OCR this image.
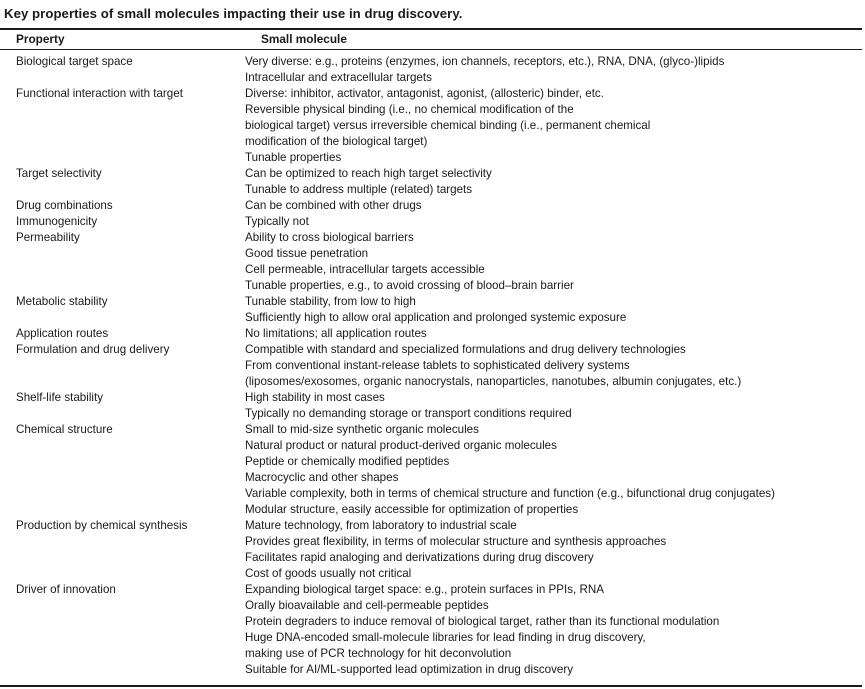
Key properties of small molecules impacting their use in drug discovery.
Property	Small molecule
Biological target space	Very diverse: e.g., proteins (enzymes, ion channels, receptors, etc.), RNA, DNA, (glyco-)lipids
Intracellular and extracellular targets
Functional interaction with target	Diverse: inhibitor, activator, antagonist, agonist, (allosteric) binder, etc.
Reversible physical binding (i.e., no chemical modification of the
biological target) versus irreversible chemical binding (i.e., permanent chemical
modification of the biological target)
Tunable properties
Target selectivity	Can be optimized to reach high target selectivity
Tunable to address multiple (related) targets
Drug combinations	Can be combined with other drugs
Immunogenicity	Typically not
Permeability	Ability to cross biological barriers
Good tissue penetration
Cell permeable, intracellular targets accessible
Tunable properties, e.g., to avoid crossing of blood–brain barrier
Metabolic stability	Tunable stability, from low to high
Sufficiently high to allow oral application and prolonged systemic exposure
Application routes	No limitations; all application routes
Formulation and drug delivery	Compatible with standard and specialized formulations and drug delivery technologies
From conventional instant-release tablets to sophisticated delivery systems
(liposomes/exosomes, organic nanocrystals, nanoparticles, nanotubes, albumin conjugates, etc.)
Shelf-life stability	High stability in most cases
Typically no demanding storage or transport conditions required
Chemical structure	Small to mid-size synthetic organic molecules
Natural product or natural product-derived organic molecules
Peptide or chemically modified peptides
Macrocyclic and other shapes
Variable complexity, both in terms of chemical structure and function (e.g., bifunctional drug conjugates)
Modular structure, easily accessible for optimization of properties
Production by chemical synthesis	Mature technology, from laboratory to industrial scale
Provides great flexibility, in terms of molecular structure and synthesis approaches
Facilitates rapid analoging and derivatizations during drug discovery
Cost of goods usually not critical
Driver of innovation	Expanding biological target space: e.g., protein surfaces in PPIs, RNA
Orally bioavailable and cell-permeable peptides
Protein degraders to induce removal of biological target, rather than its functional modulation
Huge DNA-encoded small-molecule libraries for lead finding in drug discovery,
making use of PCR technology for hit deconvolution
Suitable for AI/ML-supported lead optimization in drug discovery
